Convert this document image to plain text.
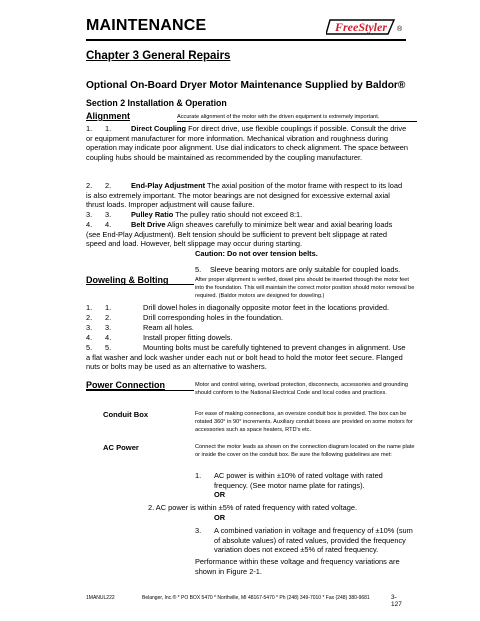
MAINTENANCE	FreeStyler ®
Chapter 3 General Repairs
Optional On-Board Dryer Motor Maintenance Supplied by Baldor®
Section 2 Installation & Operation
Alignment	Accurate alignment of the motor with the driven equipment is extremely important.
1. 1.	Direct Coupling For direct drive, use flexible couplings if possible. Consult the drive or equipment manufacturer for more information. Mechanical vibration and roughness during operation may indicate poor alignment. Use dial indicators to check alignment. The space between coupling hubs should be maintained as recommended by the coupling manufacturer.
2. 2.	End-Play Adjustment The axial position of the motor frame with respect to its load is also extremely important. The motor bearings are not designed for excessive external axial thrust loads. Improper adjustment will cause failure.
3. 3.	Pulley Ratio The pulley ratio should not exceed 8:1.
4. 4.	Belt Drive Align sheaves carefully to minimize belt wear and axial bearing loads (see End-Play Adjustment). Belt tension should be sufficient to prevent belt slippage at rated speed and load. However, belt slippage may occur during starting.
Caution: Do not over tension belts.
5. Sleeve bearing motors are only suitable for coupled loads.
Doweling & Bolting	After proper alignment is verified, dowel pins should be inserted through the motor feet into the foundation. This will maintain the correct motor position should motor removal be required. (Baldor motors are designed for doweling.)
1. 1.	Drill dowel holes in diagonally opposite motor feet in the locations provided.
2. 2.	Drill corresponding holes in the foundation.
3. 3.	Ream all holes.
4. 4.	Install proper fitting dowels.
5. 5.	Mounting bolts must be carefully tightened to prevent changes in alignment. Use a flat washer and lock washer under each nut or bolt head to hold the motor feet secure. Flanged nuts or bolts may be used as an alternative to washers.
Power Connection	Motor and control wiring, overload protection, disconnects, accessories and grounding should conform to the National Electrical Code and local codes and practices.
Conduit Box	For ease of making connections, an oversize conduit box is provided. The box can be rotated 360° in 90° increments. Auxiliary conduit boxes are provided on some motors for accessories such as space heaters, RTD's etc.
AC Power	Connect the motor leads as shown on the connection diagram located on the name plate or inside the cover on the conduit box. Be sure the following guidelines are met:
1.	AC power is within ±10% of rated voltage with rated frequency. (See motor name plate for ratings).
OR
2. AC power is within ±5% of rated frequency with rated voltage.
OR
3.	A combined variation in voltage and frequency of ±10% (sum of absolute values) of rated values, provided the frequency variation does not exceed ±5% of rated frequency.
Performance within these voltage and frequency variations are shown in Figure 2-1.
1MANUL222	Belanger, Inc.® * PO BOX 5470 * Northville, MI 48167-5470 * Ph (248) 349-7010 * Fax (248) 380-9681	3-127
